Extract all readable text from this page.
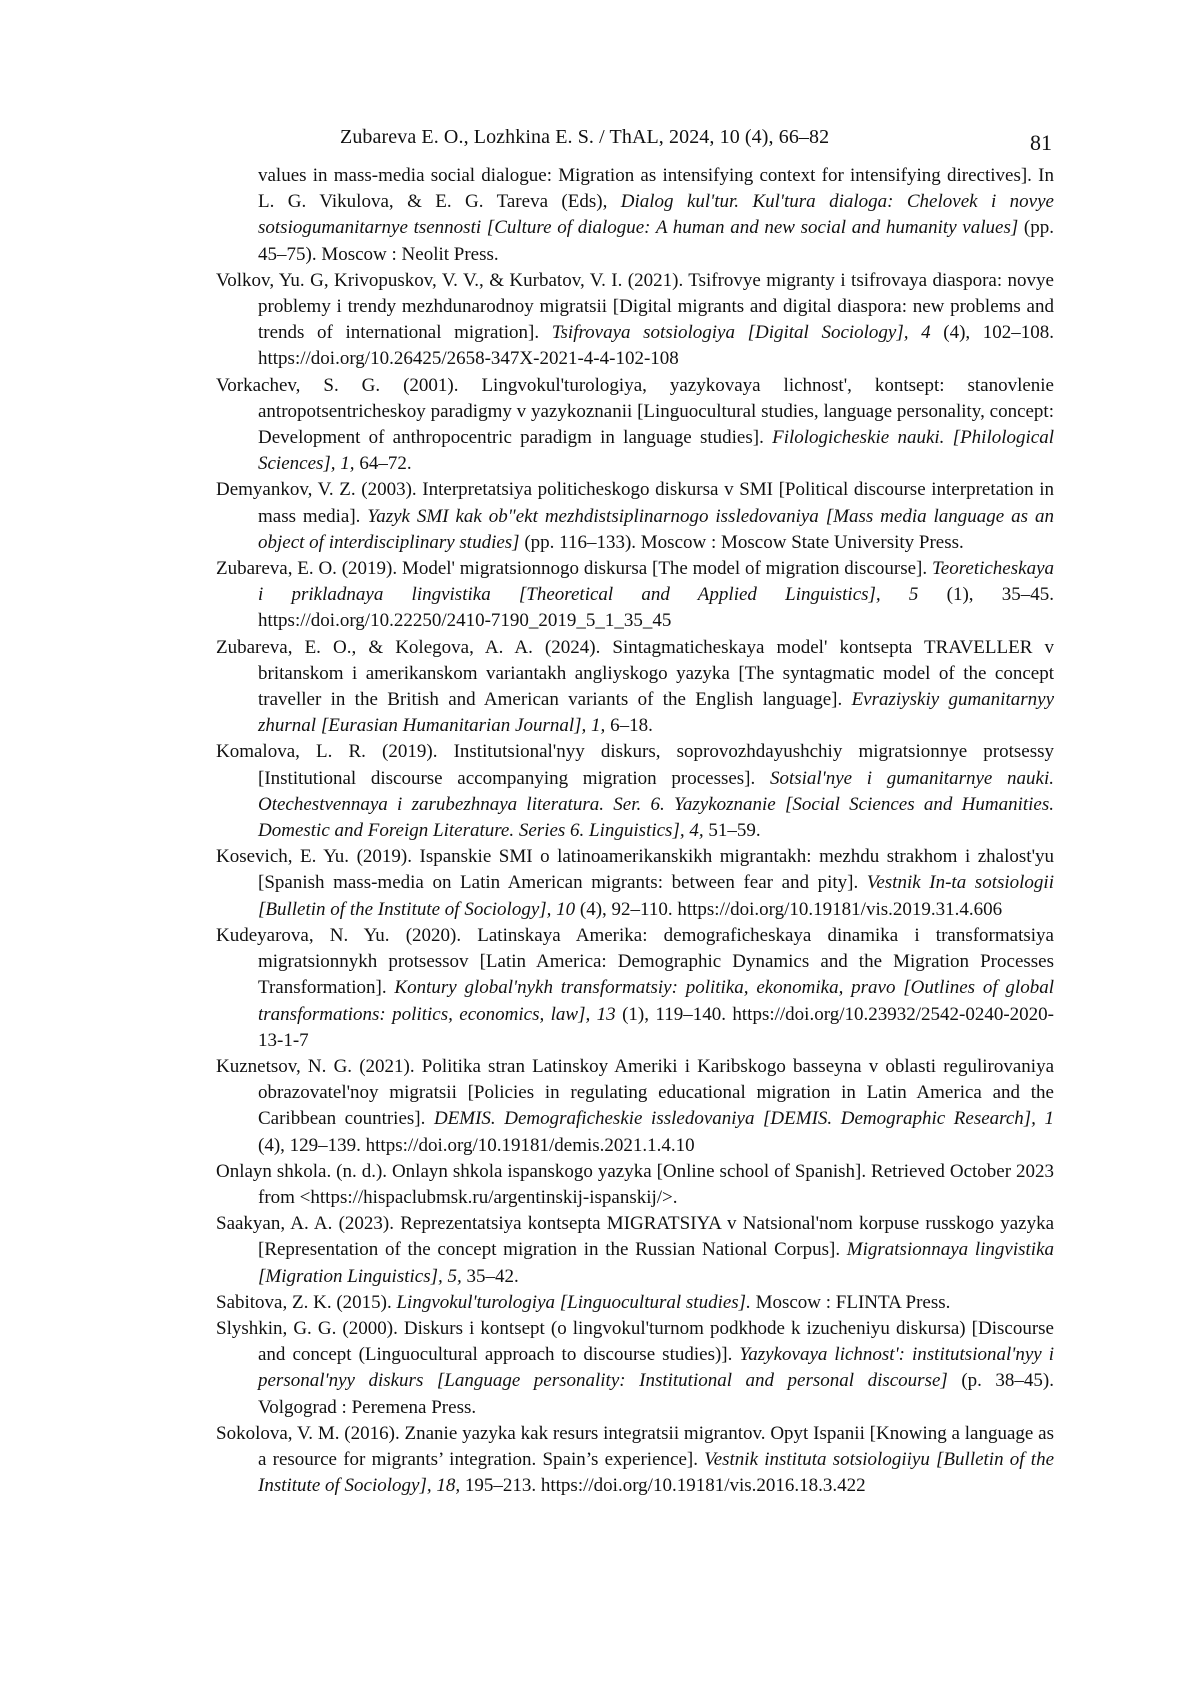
Zubareva E. O., Lozhkina E. S. / ThAL, 2024, 10 (4), 66–82	81

values in mass-media social dialogue: Migration as intensifying context for intensifying directives]. In L. G. Vikulova, & E. G. Tareva (Eds), Dialog kul'tur. Kul'tura dialoga: Chelovek i novye sotsiogumanitarnye tsennosti [Culture of dialogue: A human and new social and humanity values] (pp. 45–75). Moscow : Neolit Press.

Volkov, Yu. G, Krivopuskov, V. V., & Kurbatov, V. I. (2021). Tsifrovye migranty i tsifrovaya diaspora: novye problemy i trendy mezhdunarodnoy migratsii [Digital migrants and digital diaspora: new problems and trends of international migration]. Tsifrovaya sotsiologiya [Digital Sociology], 4 (4), 102–108. https://doi.org/10.26425/2658-347X-2021-4-4-102-108

Vorkachev, S. G. (2001). Lingvokul'turologiya, yazykovaya lichnost', kontsept: stanovlenie antropotsentricheskoy paradigmy v yazykoznanii [Linguocultural studies, language personality, concept: Development of anthropocentric paradigm in language studies]. Filologicheskie nauki. [Philological Sciences], 1, 64–72.

Demyankov, V. Z. (2003). Interpretatsiya politicheskogo diskursa v SMI [Political discourse interpretation in mass media]. Yazyk SMI kak ob"ekt mezhdistsiplinarnogo issledovaniya [Mass media language as an object of interdisciplinary studies] (pp. 116–133). Moscow : Moscow State University Press.

Zubareva, E. O. (2019). Model' migratsionnogo diskursa [The model of migration discourse]. Teoreticheskaya i prikladnaya lingvistika [Theoretical and Applied Linguistics], 5 (1), 35–45. https://doi.org/10.22250/2410-7190_2019_5_1_35_45

Zubareva, E. O., & Kolegova, A. A. (2024). Sintagmaticheskaya model' kontsepta TRAVELLER v britanskom i amerikanskom variantakh angliyskogo yazyka [The syntagmatic model of the concept traveller in the British and American variants of the English language]. Evraziyskiy gumanitarnyy zhurnal [Eurasian Humanitarian Journal], 1, 6–18.

Komalova, L. R. (2019). Institutsional'nyy diskurs, soprovozhdayushchiy migratsionnye protsessy [Institutional discourse accompanying migration processes]. Sotsial'nye i gumanitarnye nauki. Otechestvennaya i zarubezhnaya literatura. Ser. 6. Yazykoznanie [Social Sciences and Humanities. Domestic and Foreign Literature. Series 6. Linguistics], 4, 51–59.

Kosevich, E. Yu. (2019). Ispanskie SMI o latinoamerikanskikh migrantakh: mezhdu strakhom i zhalost'yu [Spanish mass-media on Latin American migrants: between fear and pity]. Vestnik In-ta sotsiologii [Bulletin of the Institute of Sociology], 10 (4), 92–110. https://doi.org/10.19181/vis.2019.31.4.606

Kudeyarova, N. Yu. (2020). Latinskaya Amerika: demograficheskaya dinamika i transformatsiya migratsionnykh protsessov [Latin America: Demographic Dynamics and the Migration Processes Transformation]. Kontury global'nykh transformatsiy: politika, ekonomika, pravo [Outlines of global transformations: politics, economics, law], 13 (1), 119–140. https://doi.org/10.23932/2542-0240-2020-13-1-7

Kuznetsov, N. G. (2021). Politika stran Latinskoy Ameriki i Karibskogo basseyna v oblasti regulirovaniya obrazovatel'noy migratsii [Policies in regulating educational migration in Latin America and the Caribbean countries]. DEMIS. Demograficheskie issledovaniya [DEMIS. Demographic Research], 1 (4), 129–139. https://doi.org/10.19181/demis.2021.1.4.10

Onlayn shkola. (n. d.). Onlayn shkola ispanskogo yazyka [Online school of Spanish]. Retrieved October 2023 from <https://hispaclubmsk.ru/argentinskij-ispanskij/>.

Saakyan, A. A. (2023). Reprezentatsiya kontsepta MIGRATSIYA v Natsional'nom korpuse russkogo yazyka [Representation of the concept migration in the Russian National Corpus]. Migratsionnaya lingvistika [Migration Linguistics], 5, 35–42.

Sabitova, Z. K. (2015). Lingvokul'turologiya [Linguocultural studies]. Moscow : FLINTA Press.

Slyshkin, G. G. (2000). Diskurs i kontsept (o lingvokul'turnom podkhode k izucheniyu diskursa) [Discourse and concept (Linguocultural approach to discourse studies)]. Yazykovaya lichnost': institutsional'nyy i personal'nyy diskurs [Language personality: Institutional and personal discourse] (p. 38–45). Volgograd : Peremena Press.

Sokolova, V. M. (2016). Znanie yazyka kak resurs integratsii migrantov. Opyt Ispanii [Knowing a language as a resource for migrants’ integration. Spain’s experience]. Vestnik instituta sotsiologiiyu [Bulletin of the Institute of Sociology], 18, 195–213. https://doi.org/10.19181/vis.2016.18.3.422
